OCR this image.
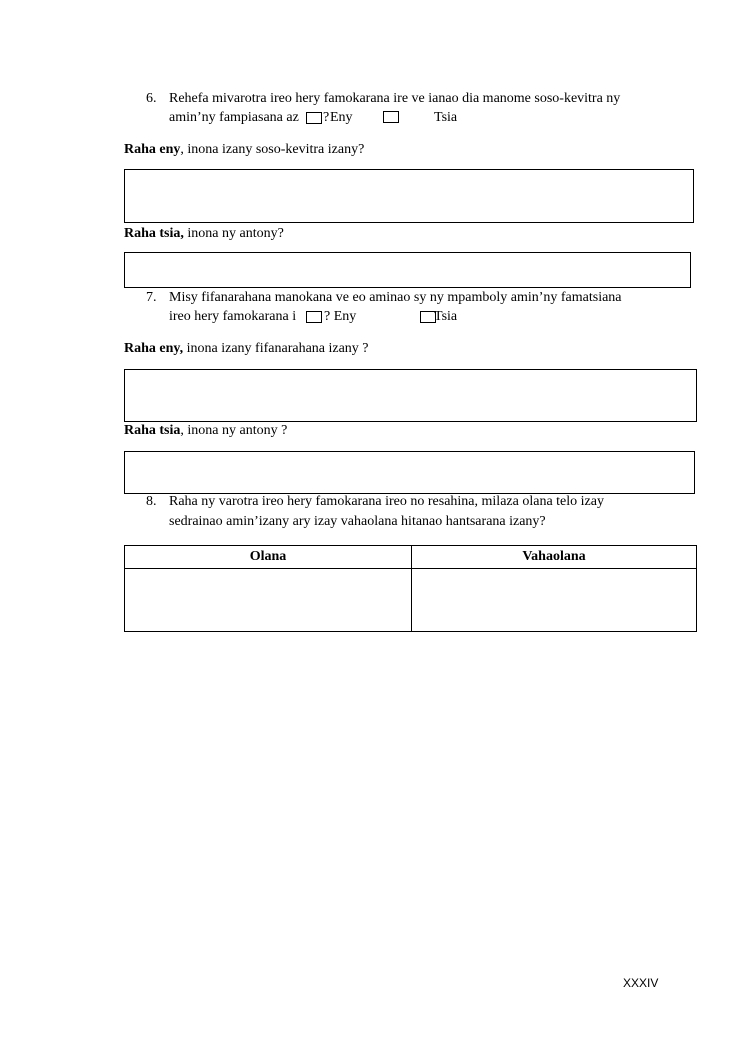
6. Rehefa mivarotra ireo hery famokarana ire ve ianao dia manome soso-kevitra ny
amin’ny fampiasana az ? Eny	Tsia
Raha eny, inona izany soso-kevitra izany?
Raha tsia, inona ny antony?
7. Misy fifanarahana manokana ve eo aminao sy ny mpamboly amin’ny famatsiana
ireo hery famokarana i ? Eny	Tsia
Raha eny, inona izany fifanarahana izany ?
Raha tsia, inona ny antony ?
8. Raha ny varotra ireo hery famokarana ireo no resahina, milaza olana telo izay
sedrainao amin’izany ary izay vahaolana hitanao hantsarana izany?
Olana	Vahaolana

XXXIV
